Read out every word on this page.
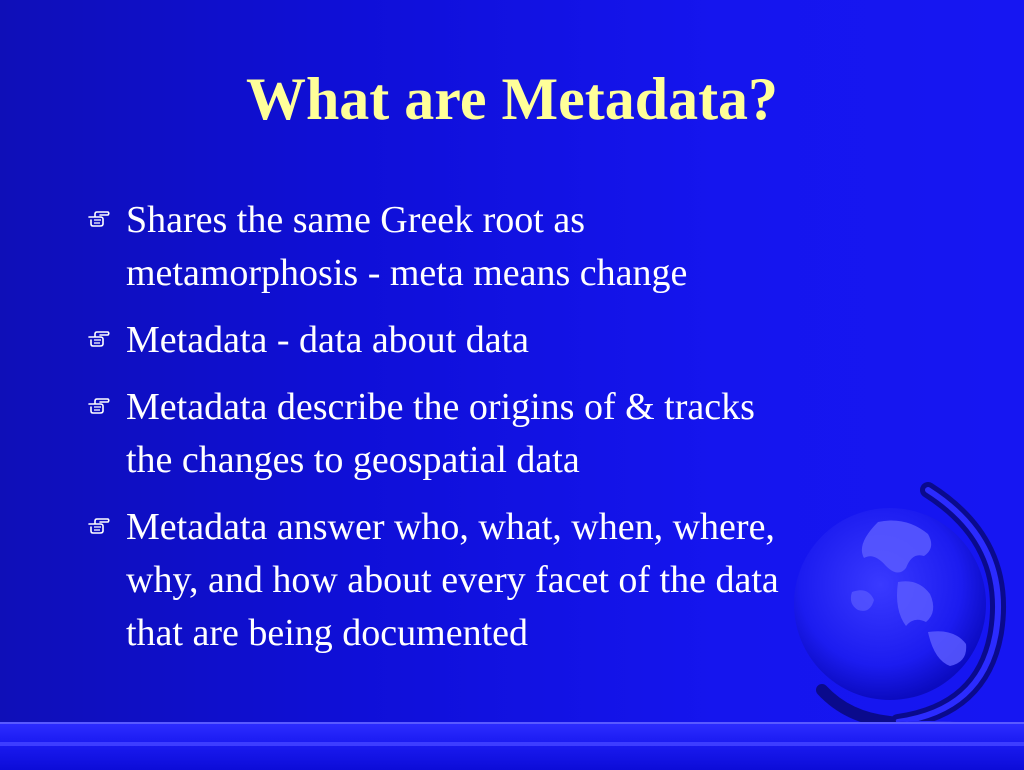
What are Metadata?
Shares the same Greek root as
metamorphosis - meta means change
Metadata - data about data
Metadata describe the origins of & tracks
the changes to geospatial data
Metadata answer who, what, when, where,
why, and how about every facet of the data
that are being documented
